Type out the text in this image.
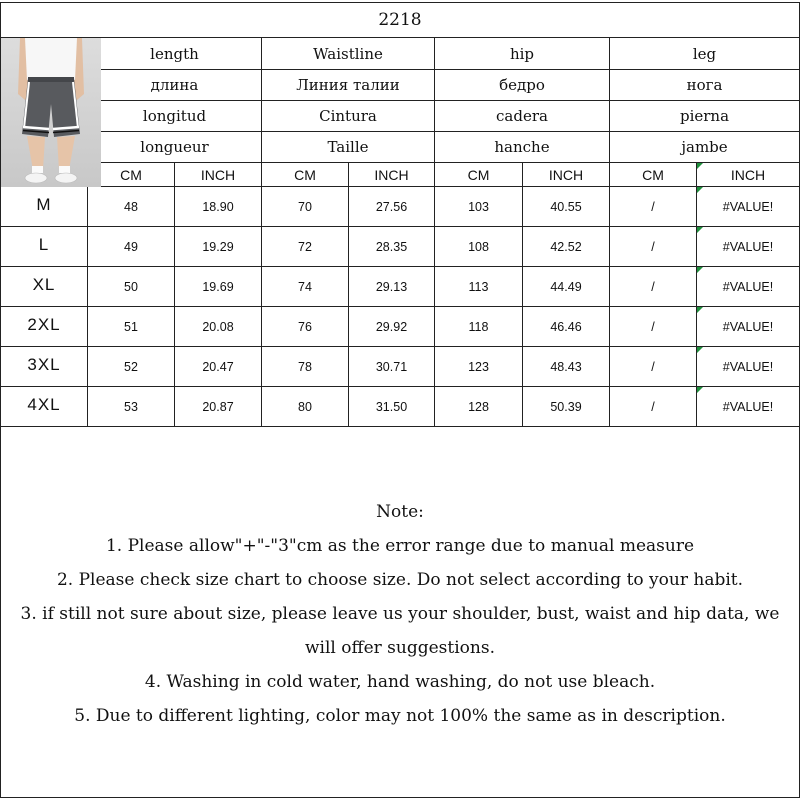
2218
length	Waistline	hip	leg
длина	Линия талии	бедро	нога
longitud	Cintura	cadera	pierna
longueur	Taille	hanche	jambe
CM	INCH	CM	INCH	CM	INCH	CM	INCH
M	48	18.90	70	27.56	103	40.55	/	#VALUE!
L	49	19.29	72	28.35	108	42.52	/	#VALUE!
XL	50	19.69	74	29.13	113	44.49	/	#VALUE!
2XL	51	20.08	76	29.92	118	46.46	/	#VALUE!
3XL	52	20.47	78	30.71	123	48.43	/	#VALUE!
4XL	53	20.87	80	31.50	128	50.39	/	#VALUE!
Note:
1. Please allow"+"-"3"cm as the error range due to manual measure
2. Please check size chart to choose size. Do not select according to your habit.
3. if still not sure about size, please leave us your shoulder, bust, waist and hip data, we
will offer suggestions.
4. Washing in cold water, hand washing, do not use bleach.
5. Due to different lighting, color may not 100% the same as in description.
